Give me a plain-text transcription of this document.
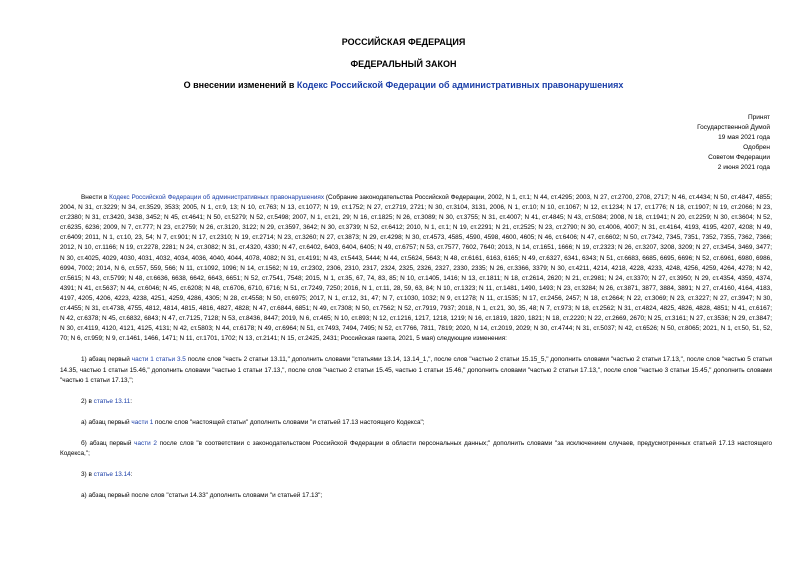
РОССИЙСКАЯ ФЕДЕРАЦИЯ
ФЕДЕРАЛЬНЫЙ ЗАКОН
О внесении изменений в Кодекс Российской Федерации об административных правонарушениях
Принят
Государственной Думой
19 мая 2021 года
Одобрен
Советом Федерации
2 июня 2021 года

Внести в Кодекс Российской Федерации об административных правонарушениях (Собрание законодательства Российской Федерации, 2002, N 1, ст.1; N 44, ст.4295; 2003, N 27, ст.2700, 2708, 2717; N 46, ст.4434; N 50, ст.4847, 4855; 2004, N 31, ст.3229; N 34, ст.3529, 3533; 2005, N 1, ст.9, 13; N 10, ст.763; N 13, ст.1077; N 19, ст.1752; N 27, ст.2719, 2721; N 30, ст.3104, 3131, 2006, N 1, ст.10; N 10, ст.1067; N 12, ст.1234; N 17, ст.1776; N 18, ст.1907; N 19, ст.2066; N 23, ст.2380; N 31, ст.3420, 3438, 3452; N 45, ст.4641; N 50, ст.5279; N 52, ст.5498; 2007, N 1, ст.21, 29; N 16, ст.1825; N 26, ст.3089; N 30, ст.3755; N 31, ст.4007; N 41, ст.4845; N 43, ст.5084; 2008, N 18, ст.1941; N 20, ст.2259; N 30, ст.3604; N 52, ст.6235, 6236; 2009, N 7, ст.777; N 23, ст.2759; N 26, ст.3120, 3122; N 29, ст.3597, 3642; N 30, ст.3739; N 52, ст.6412; 2010, N 1, ст.1; N 19, ст.2291; N 21, ст.2525; N 23, ст.2790; N 30, ст.4006, 4007; N 31, ст.4164, 4193, 4195, 4207, 4208; N 49, ст.6409; 2011, N 1, ст.10, 23, 54; N 7, ст.901; N 17, ст.2310; N 19, ст.2714; N 23, ст.3260; N 27, ст.3873; N 29, ст.4298; N 30, ст.4573, 4585, 4590, 4598, 4600, 4605; N 46, ст.6406; N 47, ст.6602; N 50, ст.7342, 7345, 7351, 7352, 7355, 7362, 7366; 2012, N 10, ст.1166; N 19, ст.2278, 2281; N 24, ст.3082; N 31, ст.4320, 4330; N 47, ст.6402, 6403, 6404, 6405; N 49, ст.6757; N 53, ст.7577, 7602, 7640; 2013, N 14, ст.1651, 1666; N 19, ст.2323; N 26, ст.3207, 3208, 3209; N 27, ст.3454, 3469, 3477; N 30, ст.4025, 4029, 4030, 4031, 4032, 4034, 4036, 4040, 4044, 4078, 4082; N 31, ст.4191; N 43, ст.5443, 5444; N 44, ст.5624, 5643; N 48, ст.6161, 6163, 6165; N 49, ст.6327, 6341, 6343; N 51, ст.6683, 6685, 6695, 6696; N 52, ст.6961, 6980, 6986, 6994, 7002; 2014, N 6, ст.557, 559, 566; N 11, ст.1092, 1096; N 14, ст.1562; N 19, ст.2302, 2306, 2310, 2317, 2324, 2325, 2326, 2327, 2330, 2335; N 26, ст.3366, 3379; N 30, ст.4211, 4214, 4218, 4228, 4233, 4248, 4256, 4259, 4264, 4278; N 42, ст.5615; N 43, ст.5799; N 48, ст.6636, 6638, 6642, 6643, 6651; N 52, ст.7541, 7548; 2015, N 1, ст.35, 67, 74, 83, 85; N 10, ст.1405, 1416; N 13, ст.1811; N 18, ст.2614, 2620; N 21, ст.2981; N 24, ст.3370; N 27, ст.3950; N 29, ст.4354, 4359, 4374, 4391; N 41, ст.5637; N 44, ст.6046; N 45, ст.6208; N 48, ст.6706, 6710, 6716; N 51, ст.7249, 7250; 2016, N 1, ст.11, 28, 59, 63, 84; N 10, ст.1323; N 11, ст.1481, 1490, 1493; N 23, ст.3284; N 26, ст.3871, 3877, 3884, 3891; N 27, ст.4160, 4164, 4183, 4197, 4205, 4206, 4223, 4238, 4251, 4259, 4286, 4305; N 28, ст.4558; N 50, ст.6975; 2017, N 1, ст.12, 31, 47; N 7, ст.1030, 1032; N 9, ст.1278; N 11, ст.1535; N 17, ст.2456, 2457; N 18, ст.2664; N 22, ст.3069; N 23, ст.3227; N 27, ст.3947; N 30, ст.4455; N 31, ст.4738, 4755, 4812, 4814, 4815, 4816, 4827, 4828; N 47, ст.6844, 6851; N 49, ст.7308; N 50, ст.7562; N 52, ст.7919, 7937; 2018, N 1, ст.21, 30, 35, 48; N 7, ст.973; N 18, ст.2562; N 31, ст.4824, 4825, 4826, 4828, 4851; N 41, ст.6167; N 42, ст.6378; N 45, ст.6832, 6843; N 47, ст.7125, 7128; N 53, ст.8436, 8447; 2019, N 6, ст.465; N 10, ст.893; N 12, ст.1216, 1217, 1218, 1219; N 16, ст.1819, 1820, 1821; N 18, ст.2220; N 22, ст.2669, 2670; N 25, ст.3161; N 27, ст.3536; N 29, ст.3847; N 30, ст.4119, 4120, 4121, 4125, 4131; N 42, ст.5803; N 44, ст.6178; N 49, ст.6964; N 51, ст.7493, 7494, 7495; N 52, ст.7766, 7811, 7819; 2020, N 14, ст.2019, 2029; N 30, ст.4744; N 31, ст.5037; N 42, ст.6526; N 50, ст.8065; 2021, N 1, ст.50, 51, 52, 70; N 6, ст.959; N 9, ст.1461, 1466, 1471; N 11, ст.1701, 1702; N 13, ст.2141; N 15, ст.2425, 2431; Российская газета, 2021, 5 мая) следующие изменения:

1) абзац первый части 1 статьи 3.5 после слов "часть 2 статьи 13.11," дополнить словами "статьями 13.14, 13.14_1,", после слов "частью 2 статьи 15.15_5," дополнить словами "частью 2 статьи 17.13,", после слов "частью 5 статьи 14.35, частью 1 статьи 15.46," дополнить словами "частью 1 статьи 17.13,", после слов "частью 2 статьи 15.45, частью 1 статьи 15.46," дополнить словами "частью 2 статьи 17.13,", после слов "частью 3 статьи 15.45," дополнить словами "частью 1 статьи 17.13,";

2) в статье 13.11:

а) абзац первый части 1 после слов "настоящей статьи" дополнить словами "и статьей 17.13 настоящего Кодекса";

б) абзац первый части 2 после слов "в соответствии с законодательством Российской Федерации в области персональных данных;" дополнить словами "за исключением случаев, предусмотренных статьей 17.13 настоящего Кодекса,";

3) в статье 13.14:

а) абзац первый после слов "статьи 14.33" дополнить словами "и статьей 17.13";
